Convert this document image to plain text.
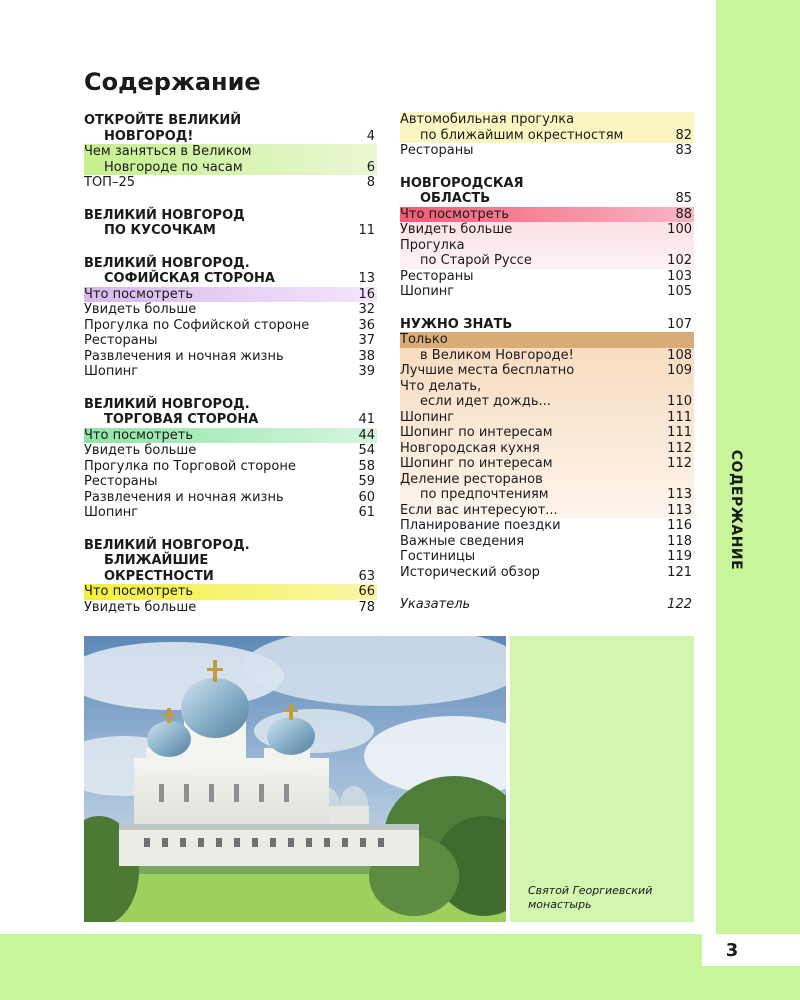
СОДЕРЖАНИЕ
3
Содержание
ОТКРОЙТЕ ВЕЛИКИЙ
НОВГОРОД!	4
Чем заняться в Великом
Новгороде по часам	6
ТОП–25	8
ВЕЛИКИЙ НОВГОРОД
ПО КУСОЧКАМ	11
ВЕЛИКИЙ НОВГОРОД.
СОФИЙСКАЯ СТОРОНА	13
Что посмотреть	16
Увидеть больше	32
Прогулка по Софийской стороне	36
Рестораны	37
Развлечения и ночная жизнь	38
Шопинг	39
ВЕЛИКИЙ НОВГОРОД.
ТОРГОВАЯ СТОРОНА	41
Что посмотреть	44
Увидеть больше	54
Прогулка по Торговой стороне	58
Рестораны	59
Развлечения и ночная жизнь	60
Шопинг	61
ВЕЛИКИЙ НОВГОРОД.
БЛИЖАЙШИЕ
ОКРЕСТНОСТИ	63
Что посмотреть	66
Увидеть больше	78
Автомобильная прогулка
по ближайшим окрестностям	82
Рестораны	83
НОВГОРОДСКАЯ
ОБЛАСТЬ	85
Что посмотреть	88
Увидеть больше	100
Прогулка
по Старой Руссе	102
Рестораны	103
Шопинг	105
НУЖНО ЗНАТЬ	107
Только
в Великом Новгороде!	108
Лучшие места бесплатно	109
Что делать,
если идет дождь...	110
Шопинг	111
Шопинг по интересам	111
Новгородская кухня	112
Шопинг по интересам	112
Деление ресторанов
по предпочтениям	113
Если вас интересуют...	113
Планирование поездки	116
Важные сведения	118
Гостиницы	119
Исторический обзор	121
Указатель	122
Святой Георгиевский монастырь
